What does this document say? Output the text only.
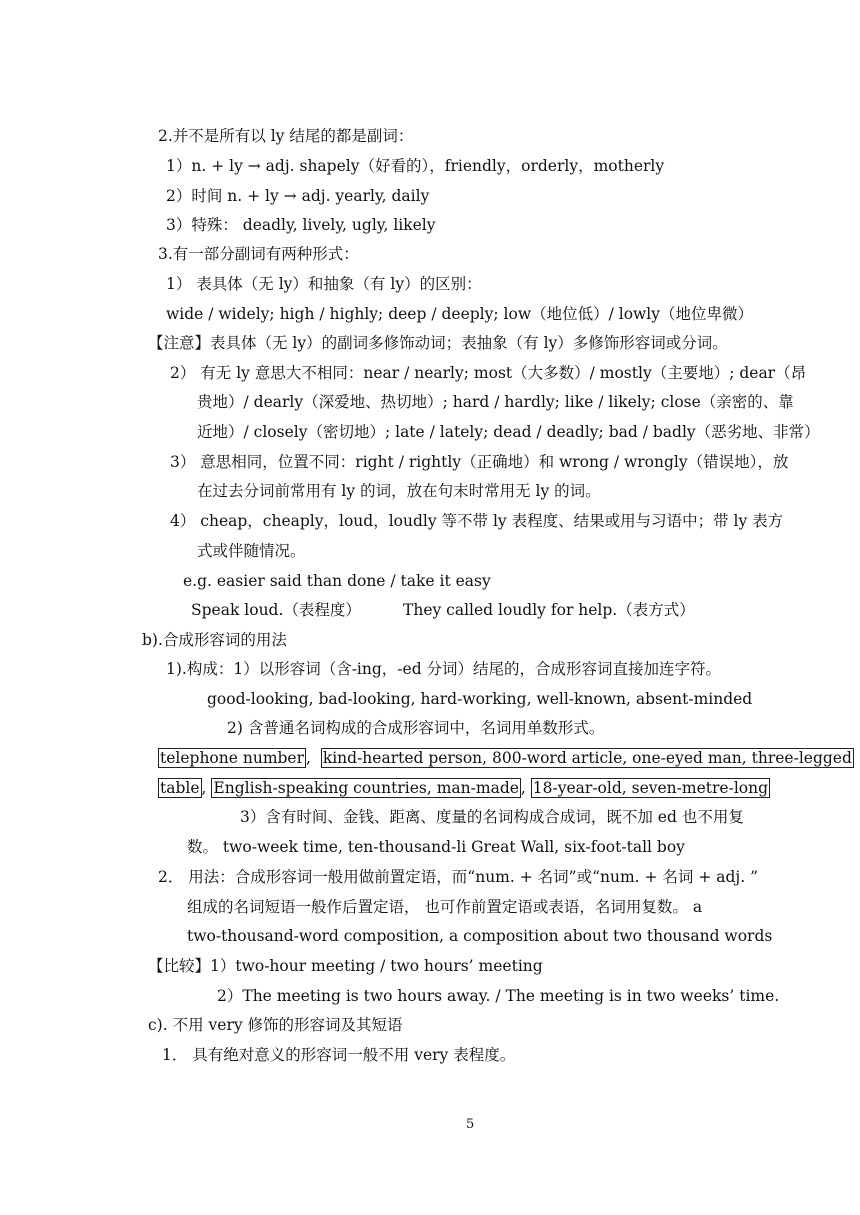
2.并不是所有以 ly 结尾的都是副词：
1）n. + ly → adj. shapely（好看的），friendly，orderly，motherly
2）时间 n. + ly → adj. yearly, daily
3）特殊： deadly, lively, ugly, likely
3.有一部分副词有两种形式：
1） 表具体（无 ly）和抽象（有 ly）的区别：
wide / widely; high / highly; deep / deeply; low（地位低）/ lowly（地位卑微）
【注意】表具体（无 ly）的副词多修饰动词；表抽象（有 ly）多修饰形容词或分词。
2） 有无 ly 意思大不相同：near / nearly; most（大多数）/ mostly（主要地）; dear（昂
贵地）/ dearly（深爱地、热切地）; hard / hardly; like / likely; close（亲密的、靠
近地）/ closely（密切地）; late / lately; dead / deadly; bad / badly（恶劣地、非常）
3） 意思相同，位置不同：right / rightly（正确地）和 wrong / wrongly（错误地），放
在过去分词前常用有 ly 的词，放在句末时常用无 ly 的词。
4） cheap，cheaply，loud，loudly 等不带 ly 表程度、结果或用与习语中；带 ly 表方
式或伴随情况。
e.g. easier said than done / take it easy
Speak loud.（表程度）	They called loudly for help.（表方式）
b).合成形容词的用法
1).构成：1）以形容词（含-ing，-ed 分词）结尾的，合成形容词直接加连字符。
good-looking, bad-looking, hard-working, well-known, absent-minded
2) 含普通名词构成的合成形容词中，名词用单数形式。
telephone number ,  kind-hearted person, 800-word article, one-eyed man, three-legged
table , English-speaking countries, man-made , 18-year-old, seven-metre-long
3）含有时间、金钱、距离、度量的名词构成合成词，既不加 ed 也不用复
数。 two-week time, ten-thousand-li Great Wall, six-foot-tall boy
2． 用法：合成形容词一般用做前置定语，而“num. + 名词”或“num. + 名词 + adj. ”
组成的名词短语一般作后置定语， 也可作前置定语或表语，名词用复数。 a
two-thousand-word composition, a composition about two thousand words
【比较】1）two-hour meeting / two hours’ meeting
2）The meeting is two hours away. / The meeting is in two weeks’ time.
c). 不用 very 修饰的形容词及其短语
1． 具有绝对意义的形容词一般不用 very 表程度。
5
